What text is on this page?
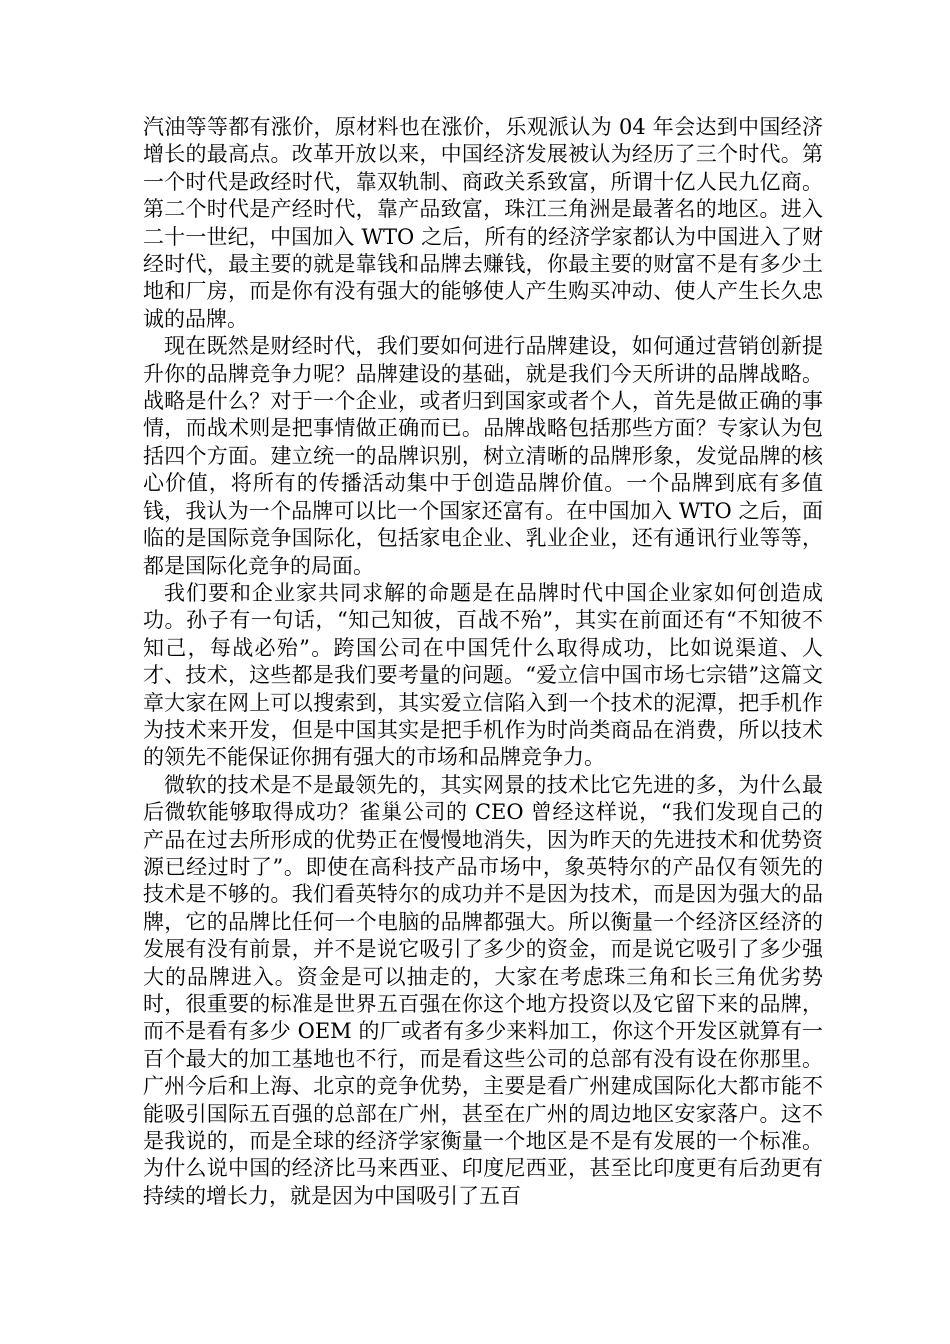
汽油等等都有涨价，原材料也在涨价，乐观派认为 04 年会达到中国经济增长的最高点。改革开放以来，中国经济发展被认为经历了三个时代。第一个时代是政经时代，靠双轨制、商政关系致富，所谓十亿人民九亿商。第二个时代是产经时代，靠产品致富，珠江三角洲是最著名的地区。进入二十一世纪，中国加入 WTO 之后，所有的经济学家都认为中国进入了财经时代，最主要的就是靠钱和品牌去赚钱，你最主要的财富不是有多少土地和厂房，而是你有没有强大的能够使人产生购买冲动、使人产生长久忠诚的品牌。

现在既然是财经时代，我们要如何进行品牌建设，如何通过营销创新提升你的品牌竞争力呢？品牌建设的基础，就是我们今天所讲的品牌战略。战略是什么？对于一个企业，或者归到国家或者个人，首先是做正确的事情，而战术则是把事情做正确而已。品牌战略包括那些方面？专家认为包括四个方面。建立统一的品牌识别，树立清晰的品牌形象，发觉品牌的核心价值，将所有的传播活动集中于创造品牌价值。一个品牌到底有多值钱，我认为一个品牌可以比一个国家还富有。在中国加入 WTO 之后，面临的是国际竞争国际化，包括家电企业、乳业企业，还有通讯行业等等，都是国际化竞争的局面。

我们要和企业家共同求解的命题是在品牌时代中国企业家如何创造成功。孙子有一句话，“知己知彼，百战不殆”，其实在前面还有“不知彼不知己，每战必殆”。跨国公司在中国凭什么取得成功，比如说渠道、人才、技术，这些都是我们要考量的问题。“爱立信中国市场七宗错”这篇文章大家在网上可以搜索到，其实爱立信陷入到一个技术的泥潭，把手机作为技术来开发，但是中国其实是把手机作为时尚类商品在消费，所以技术的领先不能保证你拥有强大的市场和品牌竞争力。

微软的技术是不是最领先的，其实网景的技术比它先进的多，为什么最后微软能够取得成功？雀巢公司的 CEO 曾经这样说，“我们发现自己的产品在过去所形成的优势正在慢慢地消失，因为昨天的先进技术和优势资源已经过时了”。即使在高科技产品市场中，象英特尔的产品仅有领先的技术是不够的。我们看英特尔的成功并不是因为技术，而是因为强大的品牌，它的品牌比任何一个电脑的品牌都强大。所以衡量一个经济区经济的发展有没有前景，并不是说它吸引了多少的资金，而是说它吸引了多少强大的品牌进入。资金是可以抽走的，大家在考虑珠三角和长三角优劣势时，很重要的标准是世界五百强在你这个地方投资以及它留下来的品牌，而不是看有多少 OEM 的厂或者有多少来料加工，你这个开发区就算有一百个最大的加工基地也不行，而是看这些公司的总部有没有设在你那里。广州今后和上海、北京的竞争优势，主要是看广州建成国际化大都市能不能吸引国际五百强的总部在广州，甚至在广州的周边地区安家落户。这不是我说的，而是全球的经济学家衡量一个地区是不是有发展的一个标准。为什么说中国的经济比马来西亚、印度尼西亚，甚至比印度更有后劲更有持续的增长力，就是因为中国吸引了五百
